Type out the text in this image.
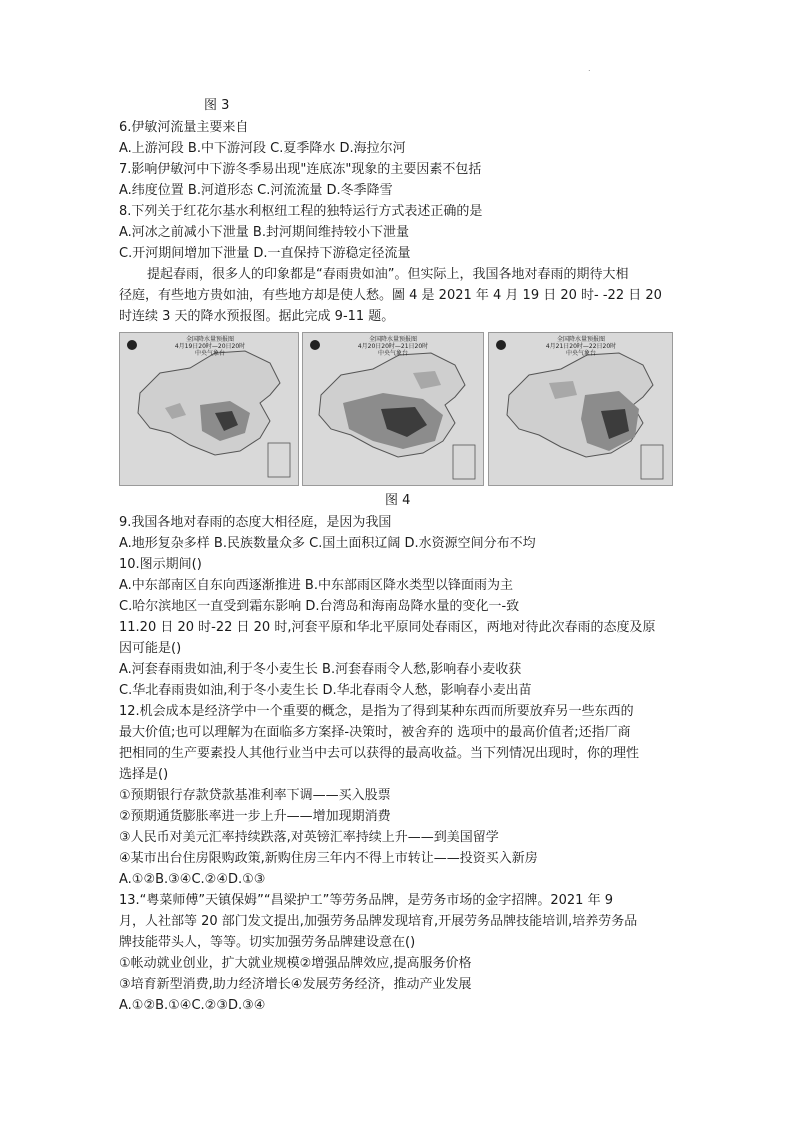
.
图 3
6.伊敏河流量主要来自
A.上游河段 B.中下游河段 C.夏季降水 D.海拉尔河
7.影响伊敏河中下游冬季易出现"连底冻"现象的主要因素不包括
A.纬度位置 B.河道形态 C.河流流量 D.冬季降雪
8.下列关于红花尔基水利枢纽工程的独特运行方式表述正确的是
A.河冰之前减小下泄量 B.封河期间维持较小下泄量
C.开河期间增加下泄量 D.一直保持下游稳定径流量
提起春雨，很多人的印象都是“春雨贵如油”。但实际上，我国各地对春雨的期待大相
径庭，有些地方贵如油，有些地方却是使人愁。圖 4 是 2021 年 4 月 19 日 20 时- -22 日 20
时连续 3 天的降水预报图。据此完成 9-11 题。
全国降水量预报图
4月19日20时—20日20时
中央气象台
全国降水量预报图
4月20日20时—21日20时
中央气象台
全国降水量预报图
4月21日20时—22日20时
中央气象台
图 4
9.我国各地对春雨的态度大相径庭，是因为我国
A.地形复杂多样 B.民族数量众多 C.国土面积辽阔 D.水资源空间分布不均
10.图示期间()
A.中东部南区自东向西逐渐推进 B.中东部雨区降水类型以锋面雨为主
C.哈尔滨地区一直受到霜东影响 D.台湾岛和海南岛降水量的变化一-致
11.20 日 20 时-22 日 20 时,河套平原和华北平原同处春雨区，两地对待此次春雨的态度及原
因可能是()
A.河套春雨贵如油,利于冬小麦生长 B.河套春雨令人愁,影响春小麦收获
C.华北春雨贵如油,利于冬小麦生长 D.华北春雨令人愁，影响春小麦出苗
12.机会成本是经济学中一个重要的概念，是指为了得到某种东西而所要放弃另一些东西的
最大价值;也可以理解为在面临多方案择-决策时，被舍弃的 选项中的最高价值者;还指厂商
把相同的生产要素投人其他行业当中去可以获得的最高收益。当下列情况出现时，你的理性
选择是()
①预期银行存款贷款基准利率下调——买入股票
②预期通货膨胀率进一步上升——增加现期消费
③人民币对美元汇率持续跌落,对英镑汇率持续上升——到美国留学
④某市出台住房限购政策,新购住房三年内不得上市转让——投资买入新房
A.①②B.③④C.②④D.①③
13.“粤菜师傅”天镇保姆”“昌梁护工”等劳务品牌，是劳务市场的金字招牌。2021 年 9
月，人社部等 20 部门发文提出,加强劳务品牌发现培育,开展劳务品牌技能培训,培养劳务品
牌技能带头人，等等。切实加强劳务品牌建设意在()
①帐动就业创业，扩大就业规模②增强品牌效应,提高服务价格
③培育新型消费,助力经济增长④发展劳务经济，推动产业发展
A.①②B.①④C.②③D.③④
